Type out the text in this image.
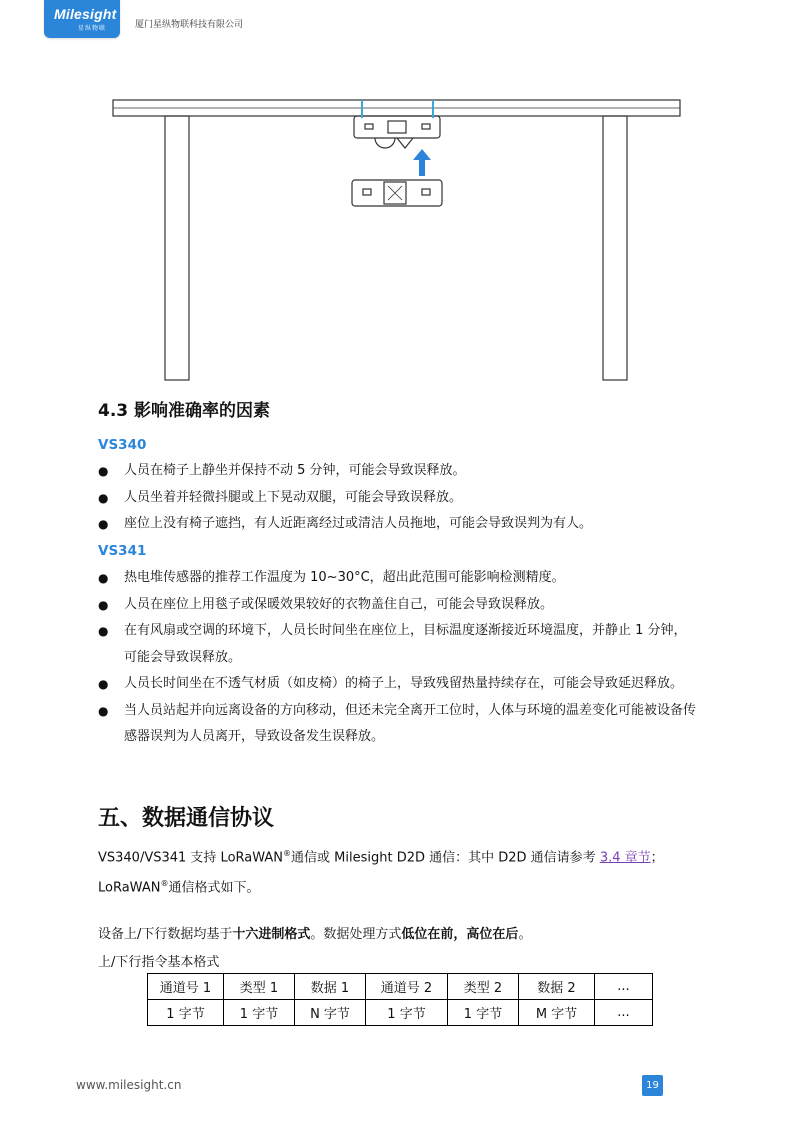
Milesight
星纵物联	厦门星纵物联科技有限公司
4.3 影响准确率的因素
VS340
● 人员在椅子上静坐并保持不动 5 分钟，可能会导致误释放。
● 人员坐着并轻微抖腿或上下晃动双腿，可能会导致误释放。
● 座位上没有椅子遮挡，有人近距离经过或清洁人员拖地，可能会导致误判为有人。
VS341
● 热电堆传感器的推荐工作温度为 10~30°C，超出此范围可能影响检测精度。
● 人员在座位上用毯子或保暖效果较好的衣物盖住自己，可能会导致误释放。
● 在有风扇或空调的环境下，人员长时间坐在座位上，目标温度逐渐接近环境温度，并静止 1 分钟，可能会导致误释放。
● 人员长时间坐在不透气材质（如皮椅）的椅子上，导致残留热量持续存在，可能会导致延迟释放。
● 当人员站起并向远离设备的方向移动，但还未完全离开工位时，人体与环境的温差变化可能被设备传感器误判为人员离开，导致设备发生误释放。
五、数据通信协议

VS340/VS341 支持 LoRaWAN®通信或 Milesight D2D 通信：其中 D2D 通信请参考 3.4 章节；
LoRaWAN®通信格式如下。

设备上/下行数据均基于十六进制格式。数据处理方式低位在前，高位在后。

上/下行指令基本格式
通道号 1	类型 1	数据 1	通道号 2	类型 2	数据 2	...
1 字节	1 字节	N 字节	1 字节	1 字节	M 字节	...
www.milesight.cn	19
